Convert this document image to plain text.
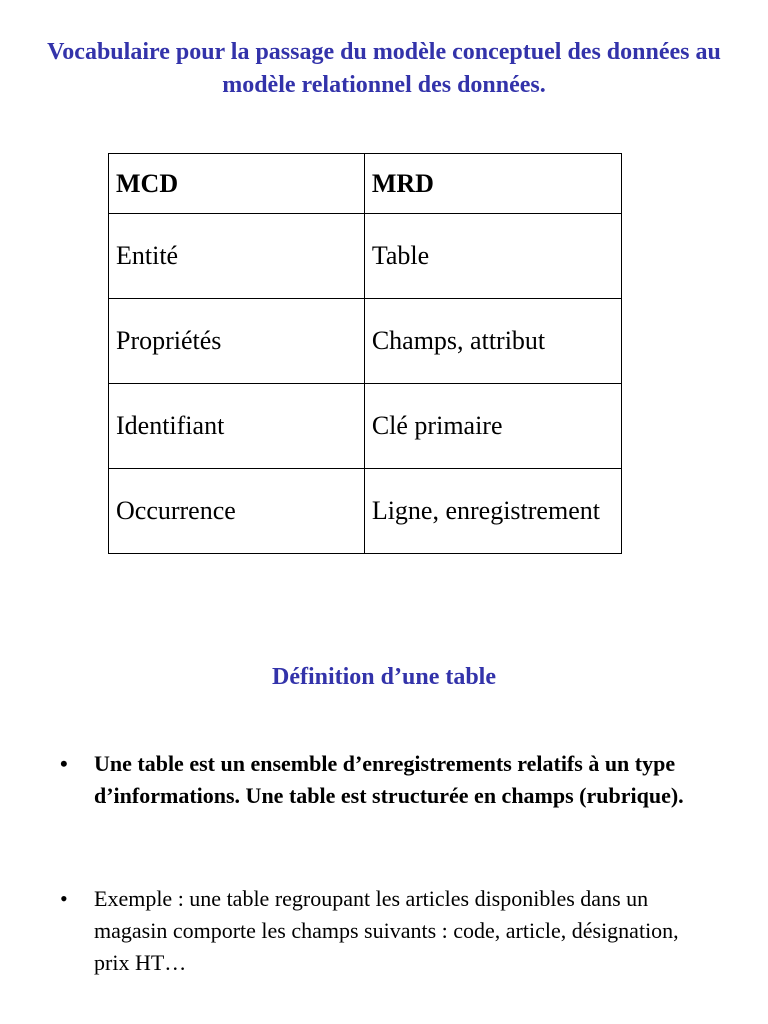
Vocabulaire pour la passage du modèle conceptuel des données au modèle relationnel des données.
MCD	MRD
Entité	Table
Propriétés	Champs, attribut
Identifiant	Clé primaire
Occurrence	Ligne, enregistrement
Définition d’une table

• Une table est un ensemble d’enregistrements relatifs à un type d’informations. Une table est structurée en champs (rubrique).

• Exemple : une table regroupant les articles disponibles dans un magasin comporte les champs suivants : code, article, désignation, prix HT…
